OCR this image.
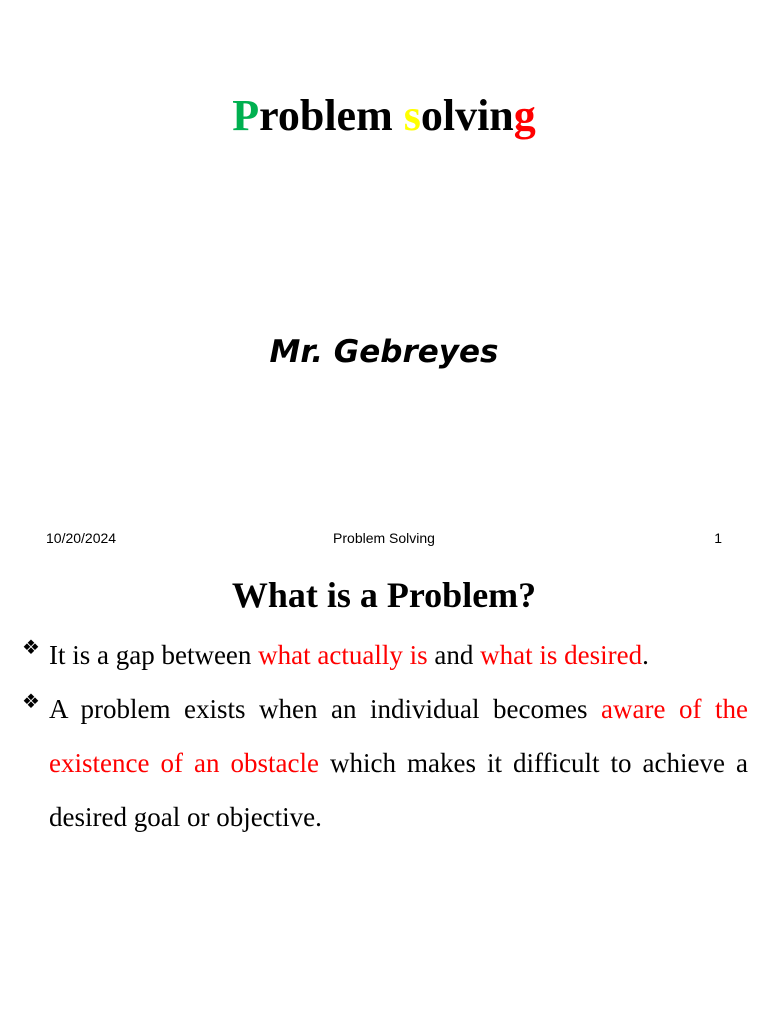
Problem solving
Mr. Gebreyes
10/20/2024	Problem Solving	1
What is a Problem?
❖ It is a gap between what actually is and what is desired.
❖ A problem exists when an individual becomes aware of the existence of an obstacle which makes it difficult to achieve a desired goal or objective.
